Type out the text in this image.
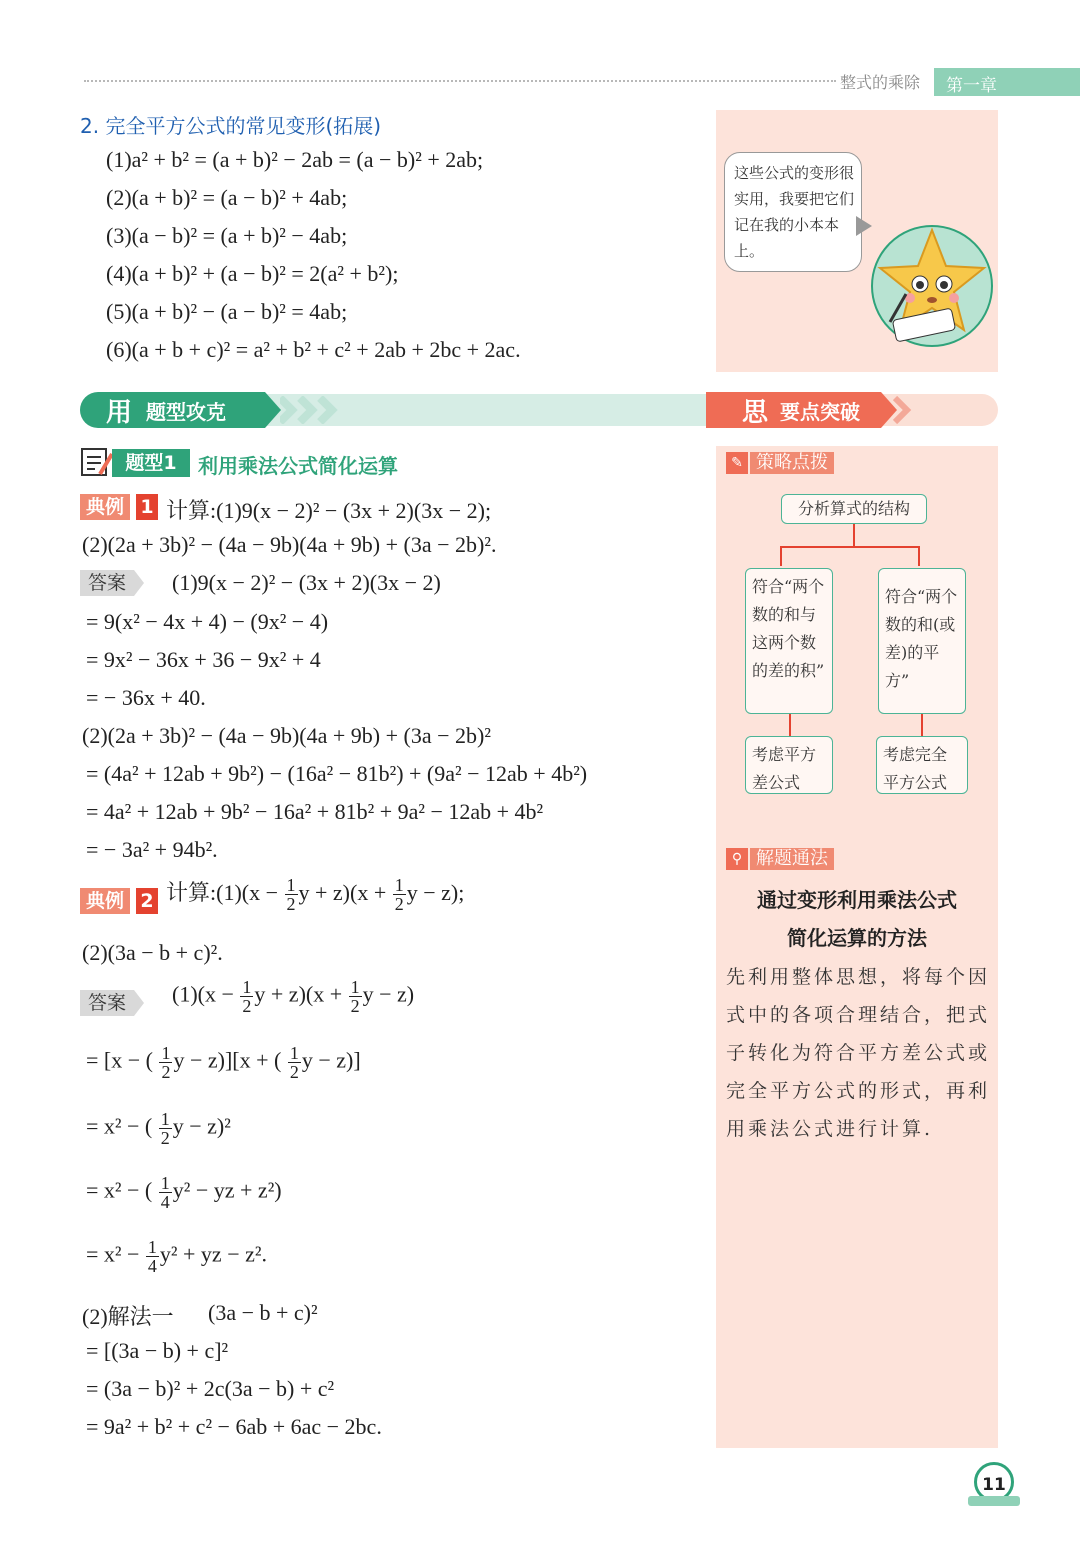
整式的乘除 第一章
2. 完全平方公式的常见变形(拓展)
(1)a² + b² = (a + b)² − 2ab = (a − b)² + 2ab;
(2)(a + b)² = (a − b)² + 4ab;
(3)(a − b)² = (a + b)² − 4ab;
(4)(a + b)² + (a − b)² = 2(a² + b²);
(5)(a + b)² − (a − b)² = 4ab;
(6)(a + b + c)² = a² + b² + c² + 2ab + 2bc + 2ac.
这些公式的变形很实用，我要把它们记在我的小本本上。
用 题型攻克	思 要点突破
题型1	利用乘法公式简化运算
典例 1 计算:(1)9(x − 2)² − (3x + 2)(3x − 2);
(2)(2a + 3b)² − (4a − 9b)(4a + 9b) + (3a − 2b)².
答案	(1)9(x − 2)² − (3x + 2)(3x − 2)
= 9(x² − 4x + 4) − (9x² − 4)
= 9x² − 36x + 36 − 9x² + 4
= − 36x + 40.
(2)(2a + 3b)² − (4a − 9b)(4a + 9b) + (3a − 2b)²
= (4a² + 12ab + 9b²) − (16a² − 81b²) + (9a² − 12ab + 4b²)
= 4a² + 12ab + 9b² − 16a² + 81b² + 9a² − 12ab + 4b²
= − 3a² + 94b².
典例 2 计算:(1)(x − $\frac{1}{2}$ $y + z)(x + \frac{1}{2}$ y − z);
(2)(3a − b + c)².
答案	$(1)(x - \frac{1}{2}$ $y + z)(x + \frac{1}{2}$ y − z)
= [x − ( $\frac{1}{2}$ y − z)][x + ( $\frac{1}{2}$ y − z)]
= x² − ( $\frac{1}{2}$ y − z)²
= x² − ( $\frac{1}{4} y^2$ − yz + z²)
= $x^2 - \frac{1}{4} y^2$ + yz − z².
(2)解法一 (3a − b + c)²
= [(3a − b) + c]²
= (3a − b)² + 2c(3a − b) + c²
= 9a² + b² + c² − 6ab + 6ac − 2bc.
✎ 策略点拨
分析算式的结构
符合“两个数的和与这两个数的差的积”
符合“两个数的和(或差)的平方”
考虑平方差公式
考虑完全平方公式
⚲ 解题通法
通过变形利用乘法公式
简化运算的方法
先利用整体思想，将每个因式中的各项合理结合，把式子转化为符合平方差公式或完全平方公式的形式，再利用乘法公式进行计算.
11
